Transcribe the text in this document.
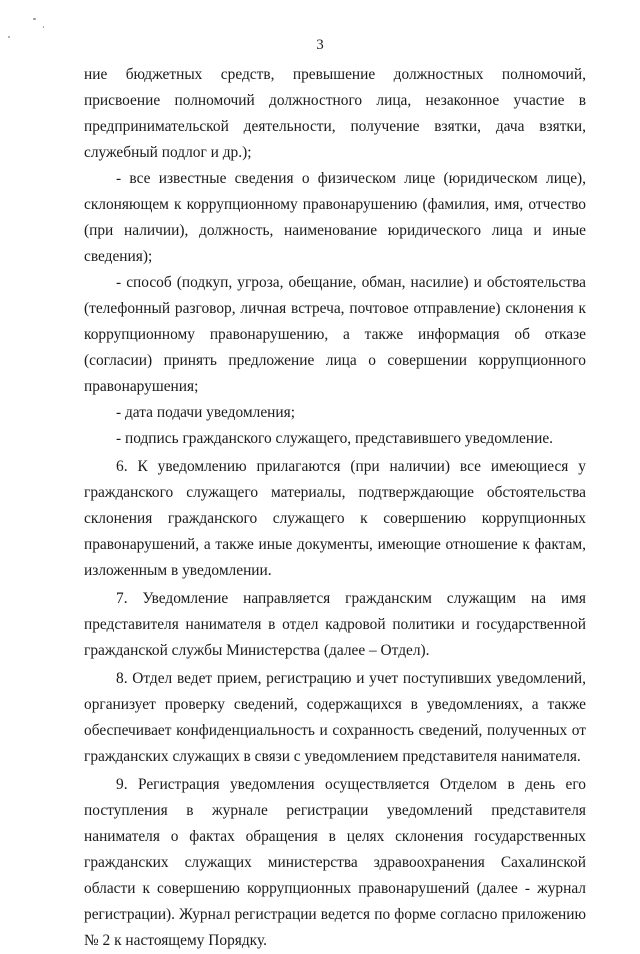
3

ние бюджетных средств, превышение должностных полномочий, присвоение полномочий должностного лица, незаконное участие в предпринимательской деятельности, получение взятки, дача взятки, служебный подлог и др.);

- все известные сведения о физическом лице (юридическом лице), склоняющем к коррупционному правонарушению (фамилия, имя, отчество (при наличии), должность, наименование юридического лица и иные сведения);

- способ (подкуп, угроза, обещание, обман, насилие) и обстоятельства (телефонный разговор, личная встреча, почтовое отправление) склонения к коррупционному правонарушению, а также информация об отказе (согласии) принять предложение лица о совершении коррупционного правонарушения;

- дата подачи уведомления;

- подпись гражданского служащего, представившего уведомление.

6. К уведомлению прилагаются (при наличии) все имеющиеся у гражданского служащего материалы, подтверждающие обстоятельства склонения гражданского служащего к совершению коррупционных правонарушений, а также иные документы, имеющие отношение к фактам, изложенным в уведомлении.

7. Уведомление направляется гражданским служащим на имя представителя нанимателя в отдел кадровой политики и государственной гражданской службы Министерства (далее – Отдел).

8. Отдел ведет прием, регистрацию и учет поступивших уведомлений, организует проверку сведений, содержащихся в уведомлениях, а также обеспечивает конфиденциальность и сохранность сведений, полученных от гражданских служащих в связи с уведомлением представителя нанимателя.

9. Регистрация уведомления осуществляется Отделом в день его поступления в журнале регистрации уведомлений представителя нанимателя о фактах обращения в целях склонения государственных гражданских служащих министерства здравоохранения Сахалинской области к совершению коррупционных правонарушений (далее - журнал регистрации). Журнал регистрации ведется по форме согласно приложению № 2 к настоящему Порядку.
